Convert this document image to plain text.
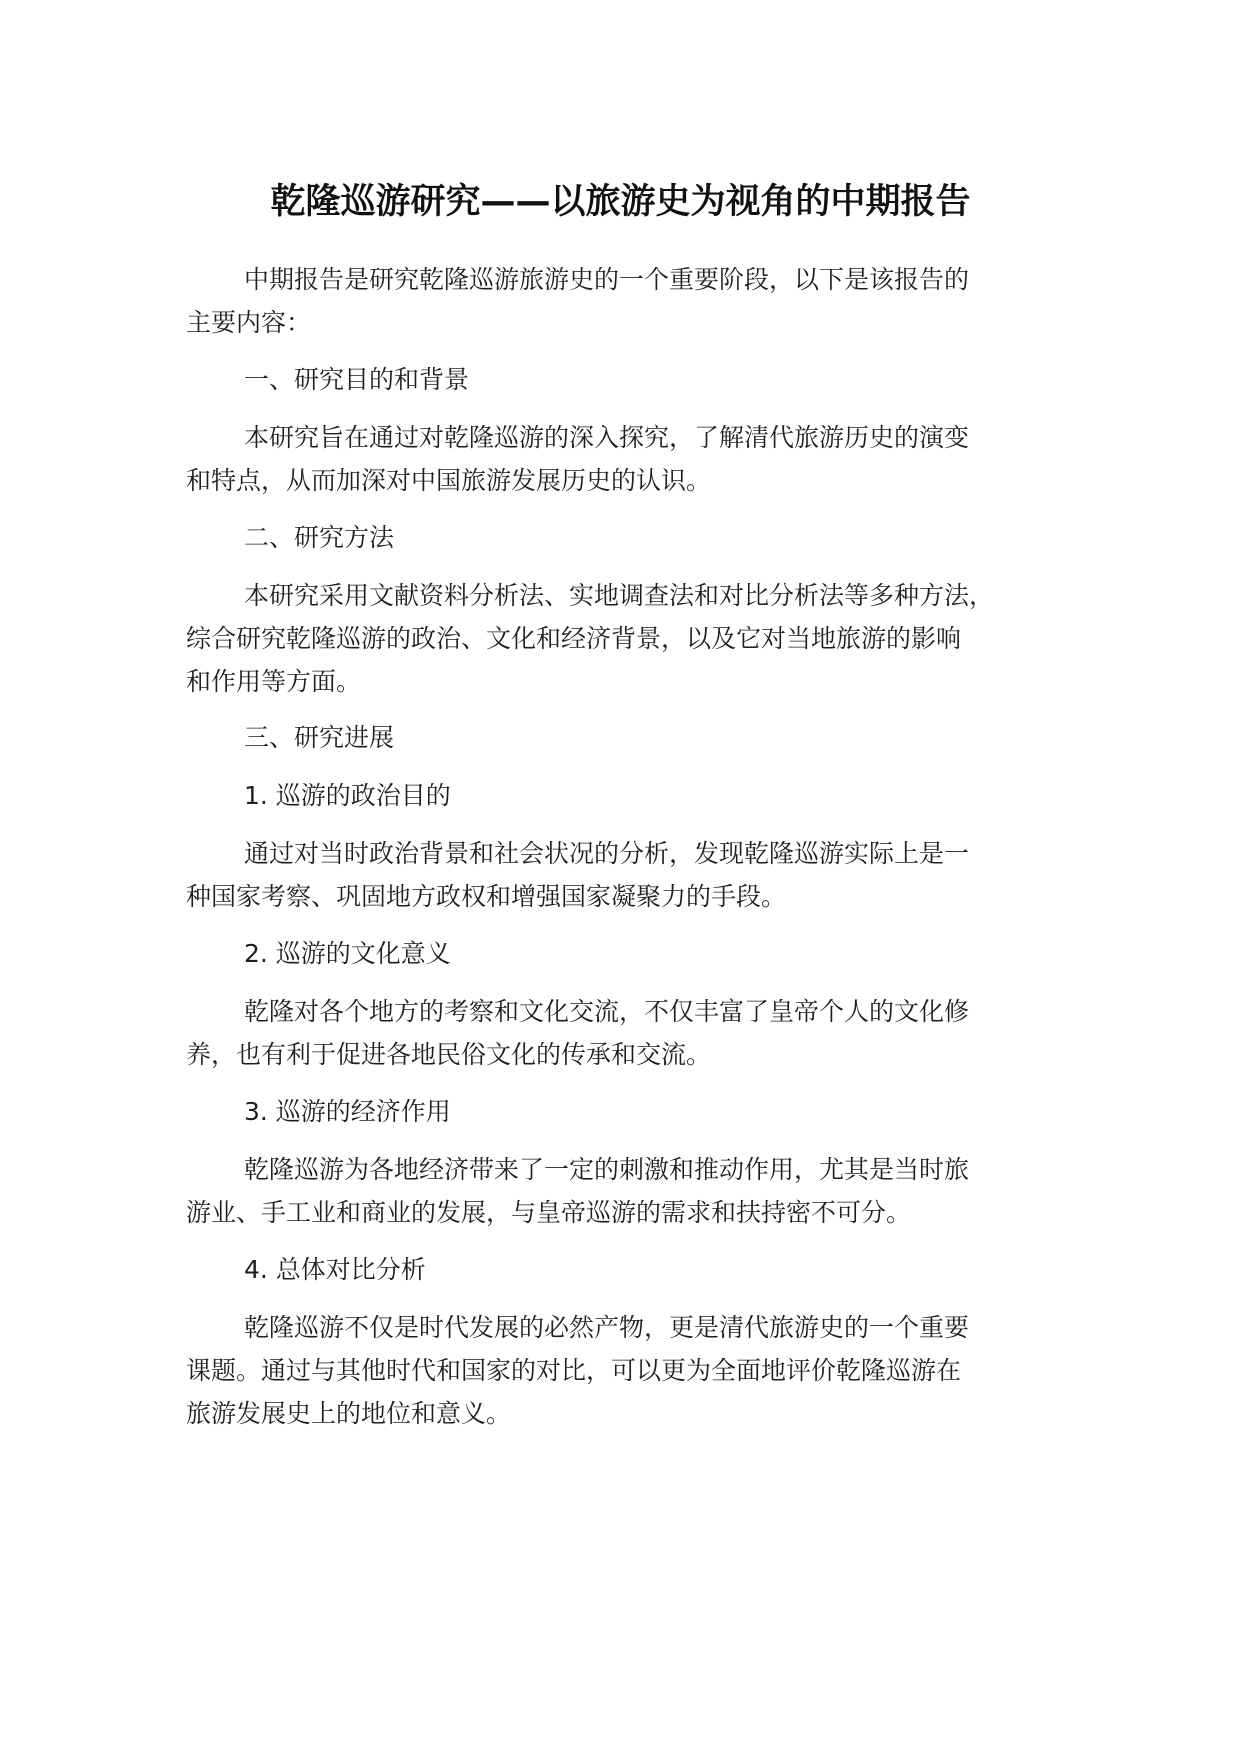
乾隆巡游研究——以旅游史为视角的中期报告
中期报告是研究乾隆巡游旅游史的一个重要阶段，以下是该报告的
主要内容：
一、研究目的和背景
本研究旨在通过对乾隆巡游的深入探究，了解清代旅游历史的演变
和特点，从而加深对中国旅游发展历史的认识。
二、研究方法
本研究采用文献资料分析法、实地调查法和对比分析法等多种方法，
综合研究乾隆巡游的政治、文化和经济背景，以及它对当地旅游的影响
和作用等方面。
三、研究进展
1. 巡游的政治目的
通过对当时政治背景和社会状况的分析，发现乾隆巡游实际上是一
种国家考察、巩固地方政权和增强国家凝聚力的手段。
2. 巡游的文化意义
乾隆对各个地方的考察和文化交流，不仅丰富了皇帝个人的文化修
养，也有利于促进各地民俗文化的传承和交流。
3. 巡游的经济作用
乾隆巡游为各地经济带来了一定的刺激和推动作用，尤其是当时旅
游业、手工业和商业的发展，与皇帝巡游的需求和扶持密不可分。
4. 总体对比分析
乾隆巡游不仅是时代发展的必然产物，更是清代旅游史的一个重要
课题。通过与其他时代和国家的对比，可以更为全面地评价乾隆巡游在
旅游发展史上的地位和意义。
